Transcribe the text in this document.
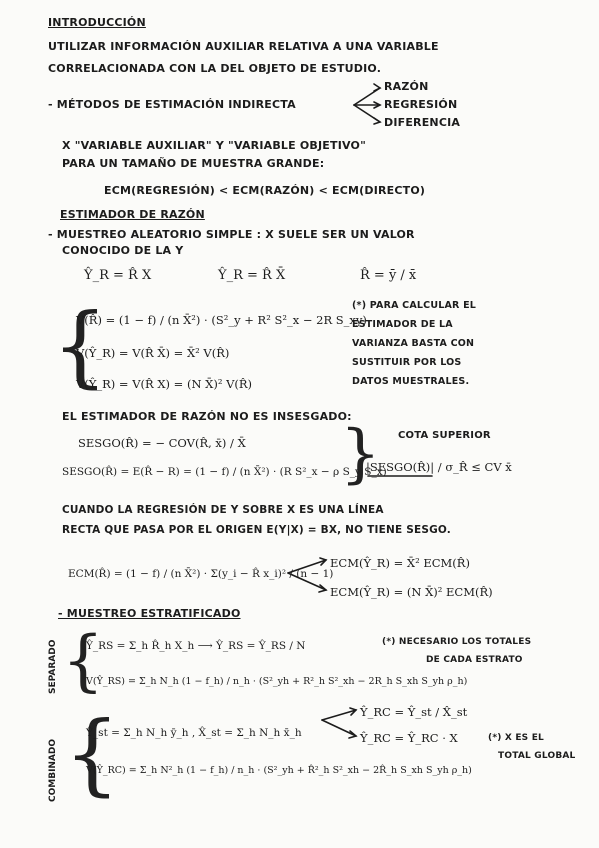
INTRODUCCIÓN
UTILIZAR INFORMACIÓN AUXILIAR RELATIVA A UNA VARIABLE
CORRELACIONADA CON LA DEL OBJETO DE ESTUDIO.
- MÉTODOS DE ESTIMACIÓN INDIRECTA
RAZÓN
REGRESIÓN
DIFERENCIA
X "VARIABLE AUXILIAR" Y "VARIABLE OBJETIVO"
PARA UN TAMAÑO DE MUESTRA GRANDE:
ECM(REGRESIÓN) < ECM(RAZÓN) < ECM(DIRECTO)
ESTIMADOR DE RAZÓN
- MUESTREO ALEATORIO SIMPLE : X SUELE SER UN VALOR
CONOCIDO DE LA Y
Ŷ_R = R̂ X	Ŷ_R = R̂ X̄	R̂ = ȳ / x̄
{
V(R̂) = (1 − f) / (n X̄²) · (S²_y + R² S²_x − 2R S_xy)
V(Ŷ_R) = V(R̂ X̄) = X̄² V(R̂)
V(Ŷ_R) = V(R̂ X) = (N X̄)² V(R̂)
(*) PARA CALCULAR EL
ESTIMADOR DE LA
VARIANZA BASTA CON
SUSTITUIR POR LOS
DATOS MUESTRALES.
EL ESTIMADOR DE RAZÓN NO ES INSESGADO:
SESGO(R̂) = − COV(R̂, x̄) / X̄
SESGO(R̂) = E(R̂ − R) = (1 − f) / (n X̄²) · (R S²_x − ρ S_y S_x)
} COTA SUPERIOR
|SESGO(R̂)| / σ_R̂ ≤ CV x̄
CUANDO LA REGRESIÓN DE Y SOBRE X ES UNA LÍNEA
RECTA QUE PASA POR EL ORIGEN E(Y|X) = ΒX, NO TIENE SESGO.
ECM(R̂) = (1 − f) / (n X̄²) · Σ(y_i − R̂ x_i)² / (n − 1)
ECM(Ŷ_R) = X̄² ECM(R̂)
ECM(Ŷ_R) = (N X̄)² ECM(R̂)
- MUESTREO ESTRATIFICADO
SEPARADO {
Ŷ_RS = Σ_h R̂_h X_h ⟶ Ŷ_RS = Ŷ_RS / N	(*) NECESARIO LOS TOTALES
DE CADA ESTRATO
V(Ŷ_RS) = Σ_h N_h (1 − f_h) / n_h · (S²_yh + R²_h S²_xh − 2R_h S_xh S_yh ρ_h)
COMBINADO {
Ŷ_st = Σ_h N_h ȳ_h , X̂_st = Σ_h N_h x̄_h
Ŷ_RC = Ŷ_st / X̂_st
Ŷ_RC = Ŷ_RC · X	(*) X ES EL
TOTAL GLOBAL
V(Ŷ_RC) = Σ_h N²_h (1 − f_h) / n_h · (S²_yh + R̂²_h S²_xh − 2R̂_h S_xh S_yh ρ_h)
